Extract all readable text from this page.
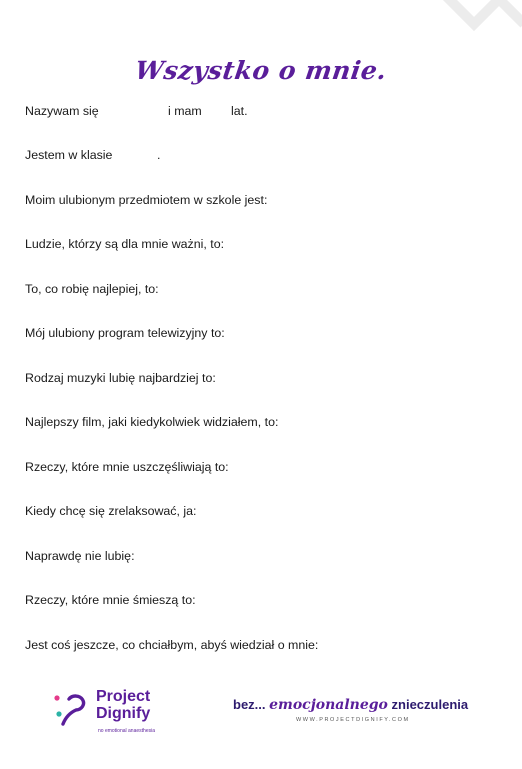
Wszystko o mnie.
Nazywam się	i mam lat.
Jestem w klasie	.
Moim ulubionym przedmiotem w szkole jest:
Ludzie, którzy są dla mnie ważni, to:
To, co robię najlepiej, to:
Mój ulubiony program telewizyjny to:
Rodzaj muzyki lubię najbardziej to:
Najlepszy film, jaki kiedykolwiek widziałem, to:
Rzeczy, które mnie uszczęśliwiają to:
Kiedy chcę się zrelaksować, ja:
Naprawdę nie lubię:
Rzeczy, które mnie śmieszą to:
Jest coś jeszcze, co chciałbym, abyś wiedział o mnie:
Project
Dignify
no emotional anaesthesia
bez... emocjonalnego znieczulenia
WWW.PROJECTDIGNIFY.COM
